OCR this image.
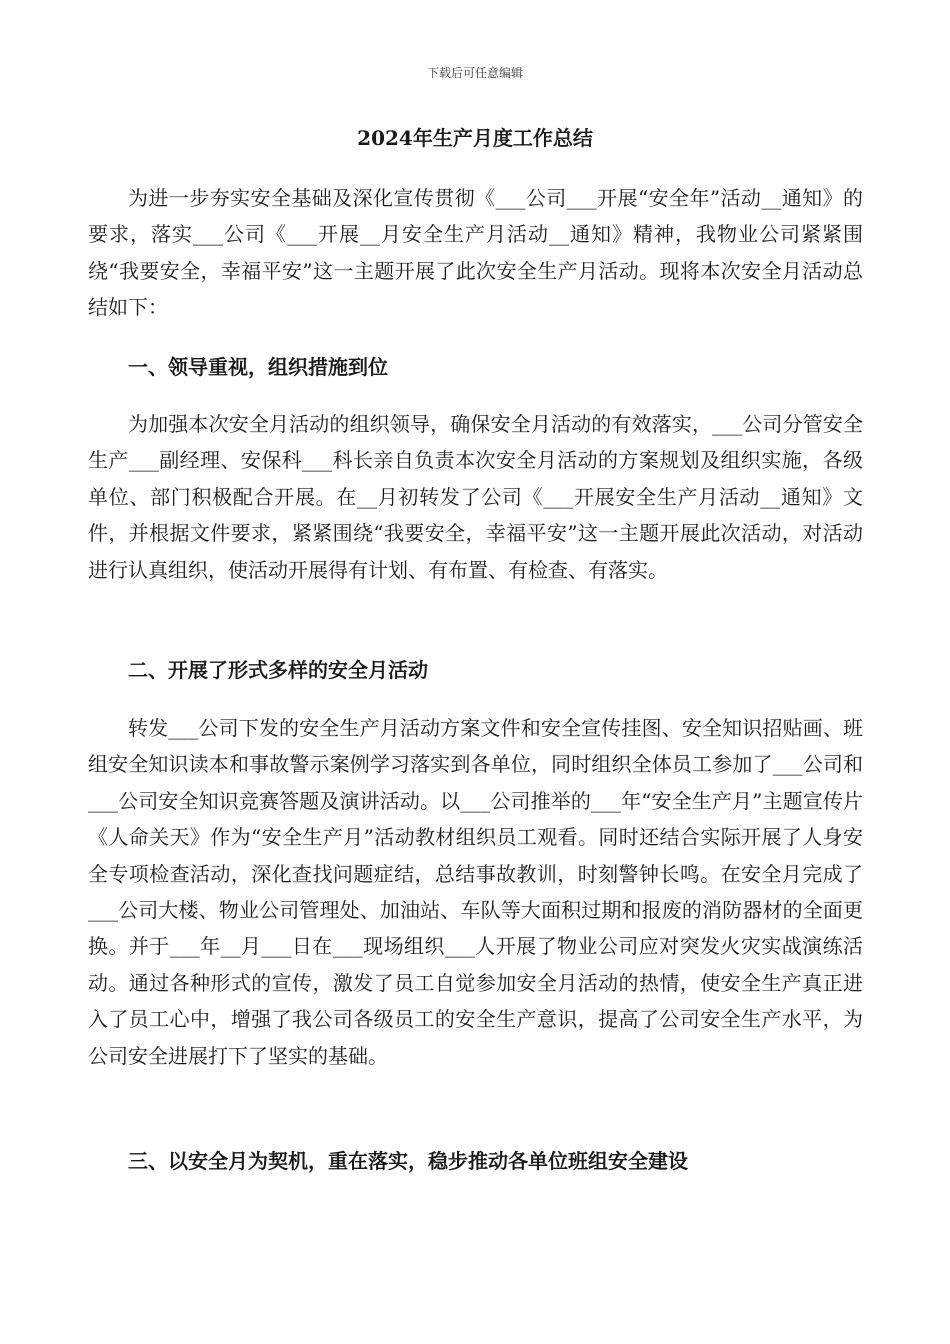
下载后可任意编辑
2024年生产月度工作总结

为进一步夯实安全基础及深化宣传贯彻《___公司___开展“安全年”活动__通知》的要求，落实___公司《___开展__月安全生产月活动__通知》精神，我物业公司紧紧围绕“我要安全，幸福平安”这一主题开展了此次安全生产月活动。现将本次安全月活动总结如下：

一、领导重视，组织措施到位

为加强本次安全月活动的组织领导，确保安全月活动的有效落实，___公司分管安全生产___副经理、安保科___科长亲自负责本次安全月活动的方案规划及组织实施，各级单位、部门积极配合开展。在__月初转发了公司《___开展安全生产月活动__通知》文件，并根据文件要求，紧紧围绕“我要安全，幸福平安”这一主题开展此次活动，对活动进行认真组织，使活动开展得有计划、有布置、有检查、有落实。

二、开展了形式多样的安全月活动

转发___公司下发的安全生产月活动方案文件和安全宣传挂图、安全知识招贴画、班组安全知识读本和事故警示案例学习落实到各单位，同时组织全体员工参加了___公司和___公司安全知识竞赛答题及演讲活动。以___公司推举的___年“安全生产月”主题宣传片《人命关天》作为“安全生产月”活动教材组织员工观看。同时还结合实际开展了人身安全专项检查活动，深化查找问题症结，总结事故教训，时刻警钟长鸣。在安全月完成了___公司大楼、物业公司管理处、加油站、车队等大面积过期和报废的消防器材的全面更换。并于___年__月___日在___现场组织___人开展了物业公司应对突发火灾实战演练活动。通过各种形式的宣传，激发了员工自觉参加安全月活动的热情，使安全生产真正进入了员工心中，增强了我公司各级员工的安全生产意识，提高了公司安全生产水平，为公司安全进展打下了坚实的基础。

三、以安全月为契机，重在落实，稳步推动各单位班组安全建设
